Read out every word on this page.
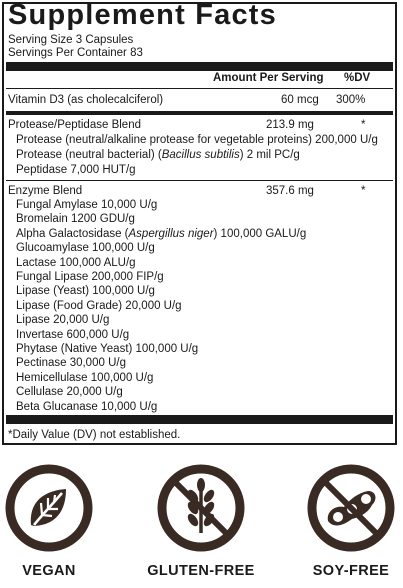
Supplement Facts
Serving Size 3 Capsules
Servings Per Container 83
Amount Per Serving %DV
Vitamin D3 (as cholecalciferol)	60 mcg 300%
Protease/Peptidase Blend	213.9 mg	*
Protease (neutral/alkaline protease for vegetable proteins) 200,000 U/g
Protease (neutral bacterial) (Bacillus subtilis) 2 mil PC/g
Peptidase 7,000 HUT/g
Enzyme Blend	357.6 mg	*
Fungal Amylase 10,000 U/g
Bromelain 1200 GDU/g
Alpha Galactosidase (Aspergillus niger) 100,000 GALU/g
Glucoamylase 100,000 U/g
Lactase 100,000 ALU/g
Fungal Lipase 200,000 FIP/g
Lipase (Yeast) 100,000 U/g
Lipase (Food Grade) 20,000 U/g
Lipase 20,000 U/g
Invertase 600,000 U/g
Phytase (Native Yeast) 100,000 U/g
Pectinase 30,000 U/g
Hemicellulase 100,000 U/g
Cellulase 20,000 U/g
Beta Glucanase 10,000 U/g
*Daily Value (DV) not established.
VEGAN	GLUTEN-FREE	SOY-FREE
